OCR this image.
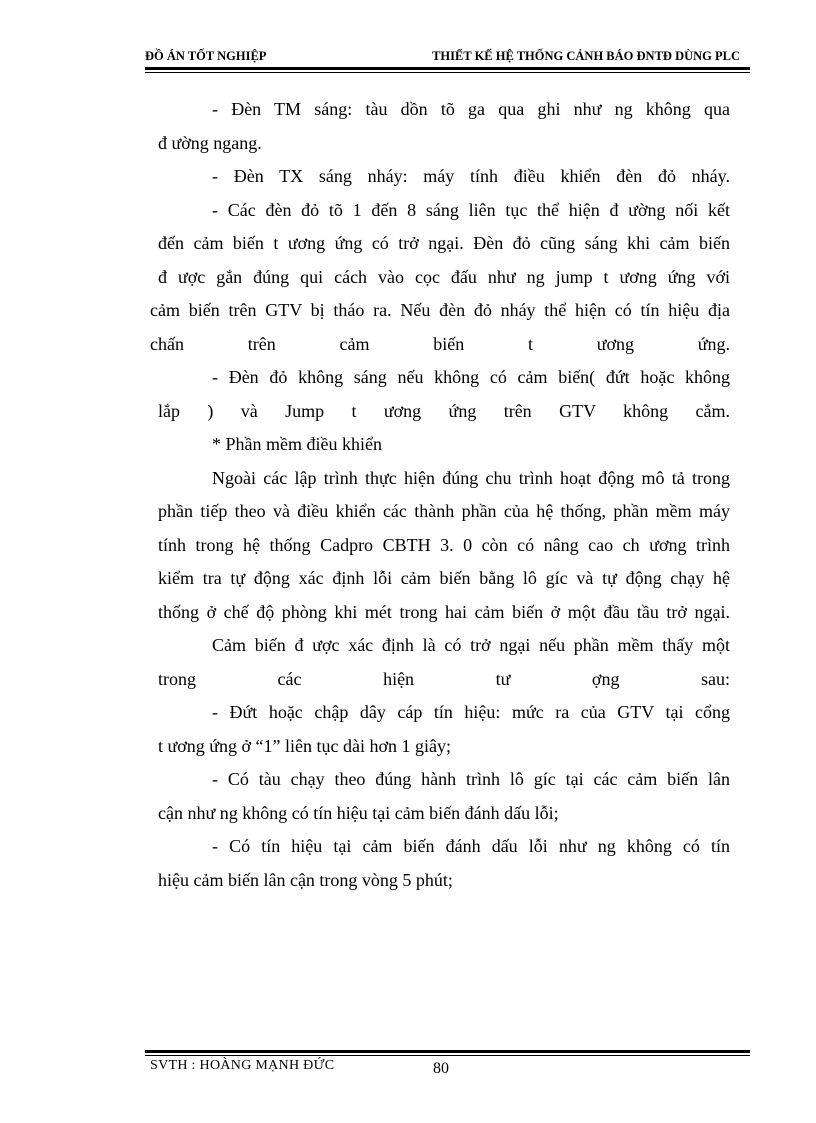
ĐỒ ÁN TỐT NGHIỆP	THIẾT KẾ HỆ THỐNG CẢNH BÁO ĐNTĐ DÙNG PLC
- Đèn TM sáng: tàu dồn tõ ga qua ghi như ng không qua
đ ường ngang.
- Đèn TX sáng nháy: máy tính điều khiển đèn đỏ nháy.
- Các đèn đỏ tõ 1 đến 8 sáng liên tục thể hiện đ ường nối kết
đến cảm biến t ương ứng có trở ngại. Đèn đỏ cũng sáng khi cảm biến
đ ược gắn đúng qui cách vào cọc đấu như ng jump t ương ứng với
cảm biến trên GTV bị tháo ra. Nếu đèn đỏ nháy thể hiện có tín hiệu địa
chấn trên cảm biến t ương ứng.
- Đèn đỏ không sáng nếu không có cảm biến( đứt hoặc không
lắp ) và Jump t ương ứng trên GTV không cắm.
* Phần mềm điều khiển
Ngoài các lập trình thực hiện đúng chu trình hoạt động mô tả trong
phần tiếp theo và điều khiển các thành phần của hệ thống, phần mềm máy
tính trong hệ thống Cadpro CBTH 3. 0 còn có nâng cao ch ương trình
kiểm tra tự động xác định lỗi cảm biến bằng lô gíc và tự động chạy hệ
thống ở chế độ phòng khi mét trong hai cảm biến ở một đầu tầu trở ngại.
Cảm biến đ ược xác định là có trở ngại nếu phần mềm thấy một
trong các hiện tư ợng sau:
- Đứt hoặc chập dây cáp tín hiệu: mức ra của GTV tại cổng
t ương ứng ở “1” liên tục dài hơn 1 giây;
- Có tàu chạy theo đúng hành trình lô gíc tại các cảm biến lân
cận như ng không có tín hiệu tại cảm biến đánh dấu lỗi;
- Có tín hiệu tại cảm biến đánh dấu lỗi như ng không có tín
hiệu cảm biến lân cận trong vòng 5 phút;
SVTH : HOÀNG MẠNH ĐỨC	80
